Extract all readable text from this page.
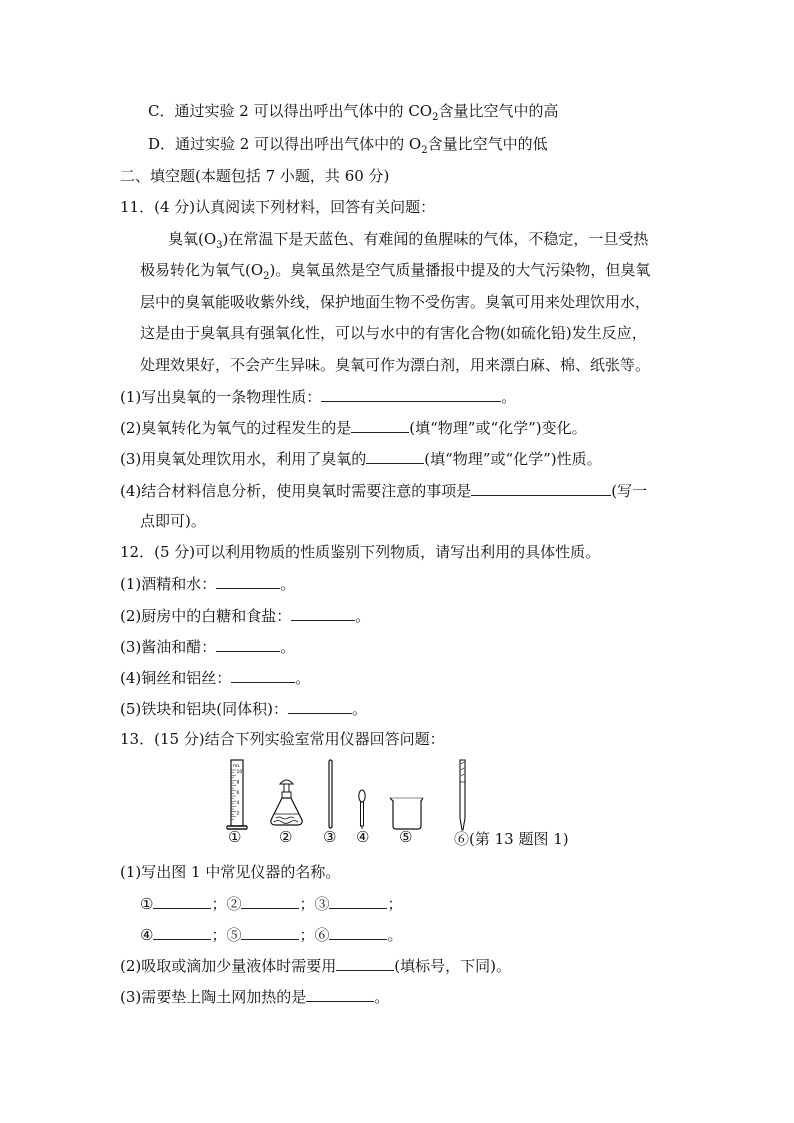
C．通过实验 2 可以得出呼出气体中的 $CO_2$含量比空气中的高
D．通过实验 2 可以得出呼出气体中的 $O_2$含量比空气中的低
二、填空题(本题包括 7 小题，共 60 分)
11．(4 分)认真阅读下列材料，回答有关问题：
臭氧$(O_3)$在常温下是天蓝色、有难闻的鱼腥味的气体，不稳定，一旦受热
极易转化为氧气$(O_2)$。臭氧虽然是空气质量播报中提及的大气污染物，但臭氧
层中的臭氧能吸收紫外线，保护地面生物不受伤害。臭氧可用来处理饮用水，
这是由于臭氧具有强氧化性，可以与水中的有害化合物(如硫化铅)发生反应，
处理效果好，不会产生异味。臭氧可作为漂白剂，用来漂白麻、棉、纸张等。
(1)写出臭氧的一条物理性质：	。
(2)臭氧转化为氧气的过程发生的是	(填“物理”或“化学”)变化。
(3)用臭氧处理饮用水，利用了臭氧的	(填“物理”或“化学”)性质。
(4)结合材料信息分析，使用臭氧时需要注意的事项是	(写一
点即可)。
12．(5 分)可以利用物质的性质鉴别下列物质，请写出利用的具体性质。
(1)酒精和水：	。
(2)厨房中的白糖和食盐：	。
(3)酱油和醋：	。
(4)铜丝和铝丝：	。
(5)铁块和铝块(同体积)：	。
13．(15 分)结合下列实验室常用仪器回答问题：
mL
10
8
6
4
2
①	② ③ ④ ⑤	⑥(第 13 题图 1)
(1)写出图 1 中常见仪器的名称。
①	；②	；③	；
④	；⑤	；⑥	。
(2)吸取或滴加少量液体时需要用	(填标号，下同)。
(3)需要垫上陶土网加热的是	。
